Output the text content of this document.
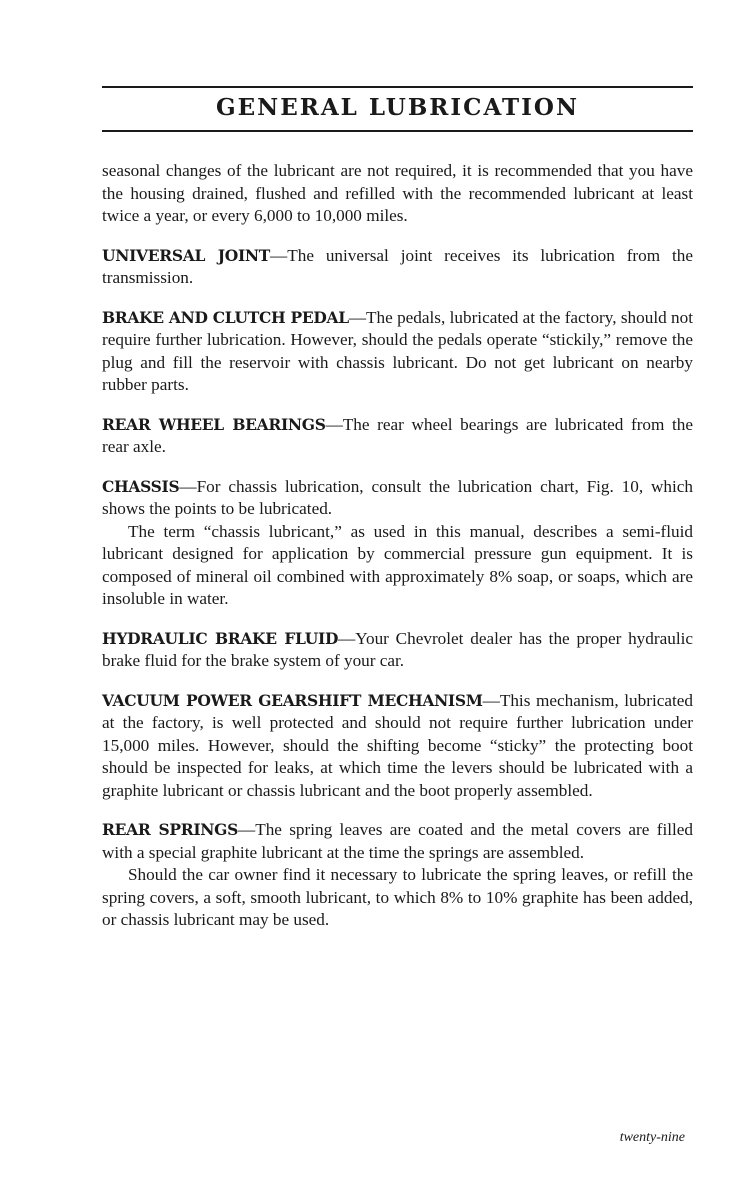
GENERAL LUBRICATION

seasonal changes of the lubricant are not required, it is recommended that you have the housing drained, flushed and refilled with the recommended lubricant at least twice a year, or every 6,000 to 10,000 miles.

UNIVERSAL JOINT—The universal joint receives its lubrication from the transmission.

BRAKE AND CLUTCH PEDAL—The pedals, lubricated at the factory, should not require further lubrication. However, should the pedals operate “stickily,” remove the plug and fill the reservoir with chassis lubricant. Do not get lubricant on nearby rubber parts.

REAR WHEEL BEARINGS—The rear wheel bearings are lubricated from the rear axle.

CHASSIS—For chassis lubrication, consult the lubrication chart, Fig. 10, which shows the points to be lubricated.

The term “chassis lubricant,” as used in this manual, describes a semi-fluid lubricant designed for application by commercial pressure gun equipment. It is composed of mineral oil combined with approximately 8% soap, or soaps, which are insoluble in water.

HYDRAULIC BRAKE FLUID—Your Chevrolet dealer has the proper hydraulic brake fluid for the brake system of your car.

VACUUM POWER GEARSHIFT MECHANISM—This mechanism, lubricated at the factory, is well protected and should not require further lubrication under 15,000 miles. However, should the shifting become “sticky” the protecting boot should be inspected for leaks, at which time the levers should be lubricated with a graphite lubricant or chassis lubricant and the boot properly assembled.

REAR SPRINGS—The spring leaves are coated and the metal covers are filled with a special graphite lubricant at the time the springs are assembled.

Should the car owner find it necessary to lubricate the spring leaves, or refill the spring covers, a soft, smooth lubricant, to which 8% to 10% graphite has been added, or chassis lubricant may be used.

twenty-nine
